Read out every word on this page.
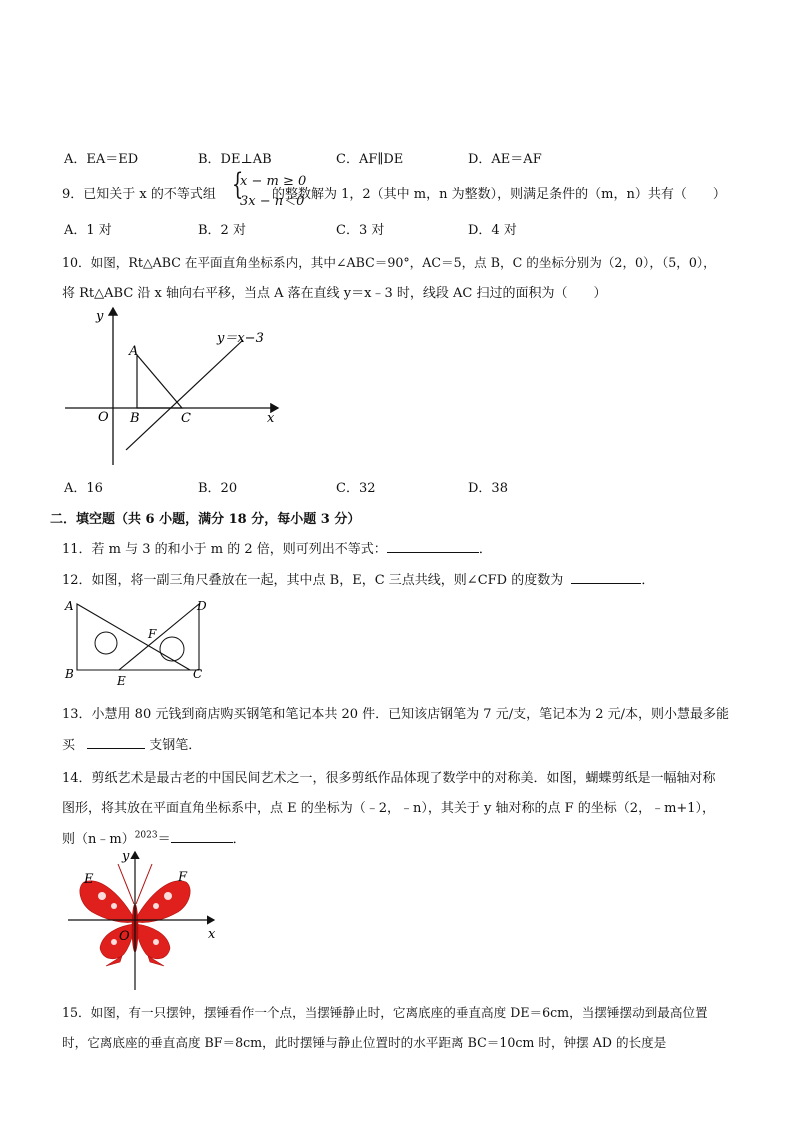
A．EA＝ED	B．DE⊥AB	C．AF∥DE	D．AE＝AF
9．已知关于 x 的不等式组 {
x − m ≥ 0
3x − n＜0
的整数解为 1，2（其中 m，n 为整数），则满足条件的（m，n）共有（　　）
A．1 对	B．2 对	C．3 对	D．4 对
10．如图，Rt△ABC 在平面直角坐标系内，其中∠ABC＝90°，AC＝5，点 B，C 的坐标分别为（2，0），（5，0），
将 Rt△ABC 沿 x 轴向右平移，当点 A 落在直线 y＝x﹣3 时，线段 AC 扫过的面积为（　　）
y
x
O
A
B	C
y＝x−3
A．16	B．20	C．32	D．38
二．填空题（共 6 小题，满分 18 分，每小题 3 分）
11．若 m 与 3 的和小于 m 的 2 倍，则可列出不等式：	．
12．如图，将一副三角尺叠放在一起，其中点 B，E，C 三点共线，则∠CFD 的度数为	．
A
B	C
D
E
F
13．小慧用 80 元钱到商店购买钢笔和笔记本共 20 件．已知该店钢笔为 7 元/支，笔记本为 2 元/本，则小慧最多能
买	支钢笔．
14．剪纸艺术是最古老的中国民间艺术之一，很多剪纸作品体现了数学中的对称美．如图，蝴蝶剪纸是一幅轴对称
图形，将其放在平面直角坐标系中，点 E 的坐标为（﹣2，﹣n），其关于 y 轴对称的点 F 的坐标（2，﹣m+1），
则（n﹣m）$^{2023}$＝	．
y
x
O
E	F
15．如图，有一只摆钟，摆锤看作一个点，当摆锤静止时，它离底座的垂直高度 DE＝6cm，当摆锤摆动到最高位置
时，它离底座的垂直高度 BF＝8cm，此时摆锤与静止位置时的水平距离 BC＝10cm 时，钟摆 AD 的长度是
